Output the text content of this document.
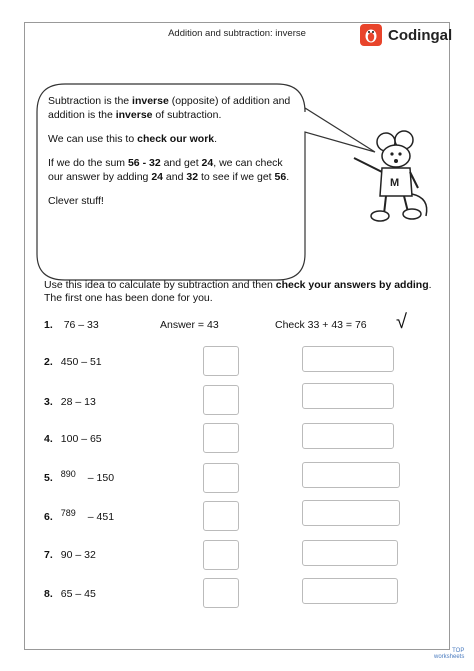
Addition and subtraction: inverse	Codingal

Subtraction is the inverse (opposite) of addition and addition is the inverse of subtraction.

We can use this to check our work.

If we do the sum 56 - 32 and get 24, we can check our answer by adding 24 and 32 to see if we get 56.

Clever stuff!

M
Use this idea to calculate by subtraction and then check your answers by adding. The first one has been done for you.
1. 76 – 33	Answer = 43	Check 33 + 43 = 76 √
2. 450 – 51
3. 28 – 13
4. 100 – 65
5. 890 – 150
6. 789 – 451
7. 90 – 32
8. 65 – 45
TOP
worksheets
